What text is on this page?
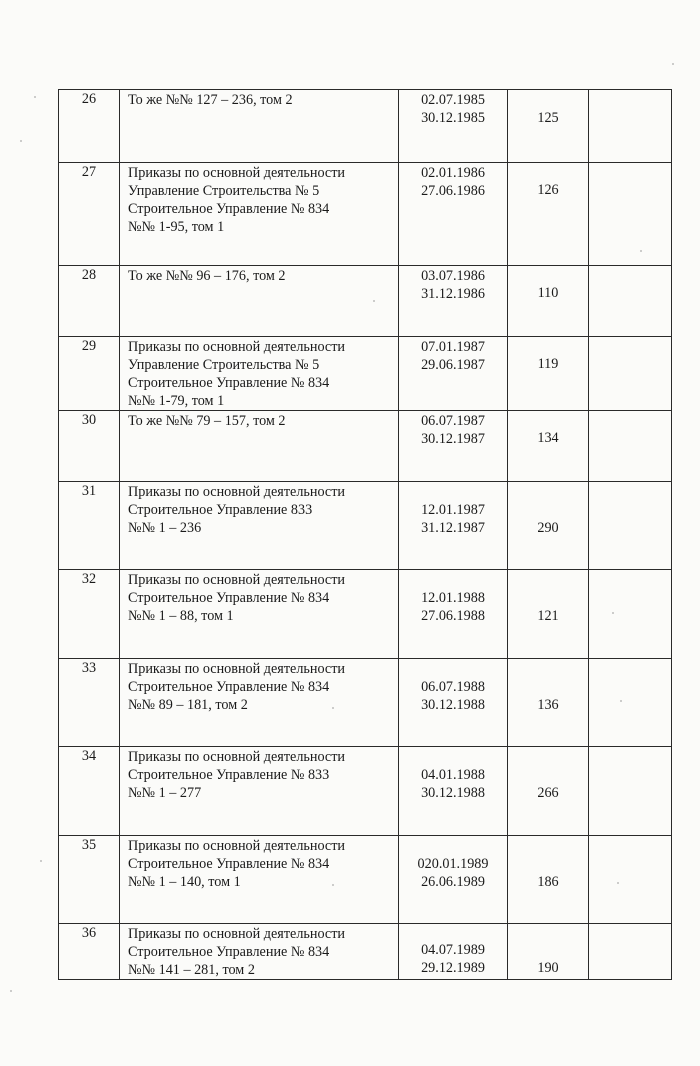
26	То же №№ 127 – 236, том 2	02.07.1985
30.12.1985	125	

27	Приказы по основной деятельности
Управление Строительства № 5
Строительное Управление № 834
№№ 1-95, том 1	02.01.1986
27.06.1986	126	

28	То же №№ 96 – 176, том 2	03.07.1986
31.12.1986	110	

29	Приказы по основной деятельности
Управление Строительства № 5
Строительное Управление № 834
№№ 1-79, том 1	07.01.1987
29.06.1987	119	

30	То же №№ 79 – 157, том 2	06.07.1987
30.12.1987	134	

31	Приказы по основной деятельности
Строительное Управление 833
№№ 1 – 236	12.01.1987
31.12.1987	290	

32	Приказы по основной деятельности
Строительное Управление № 834
№№ 1 – 88, том 1	12.01.1988
27.06.1988	121	

33	Приказы по основной деятельности
Строительное Управление № 834
№№ 89 – 181, том 2	06.07.1988
30.12.1988	136	

34	Приказы по основной деятельности
Строительное Управление № 833
№№ 1 – 277	04.01.1988
30.12.1988	266	

35	Приказы по основной деятельности
Строительное Управление № 834
№№ 1 – 140, том 1	020.01.1989
26.06.1989	186	

36	Приказы по основной деятельности
Строительное Управление № 834
№№ 141 – 281, том 2	04.07.1989
29.12.1989	190	
